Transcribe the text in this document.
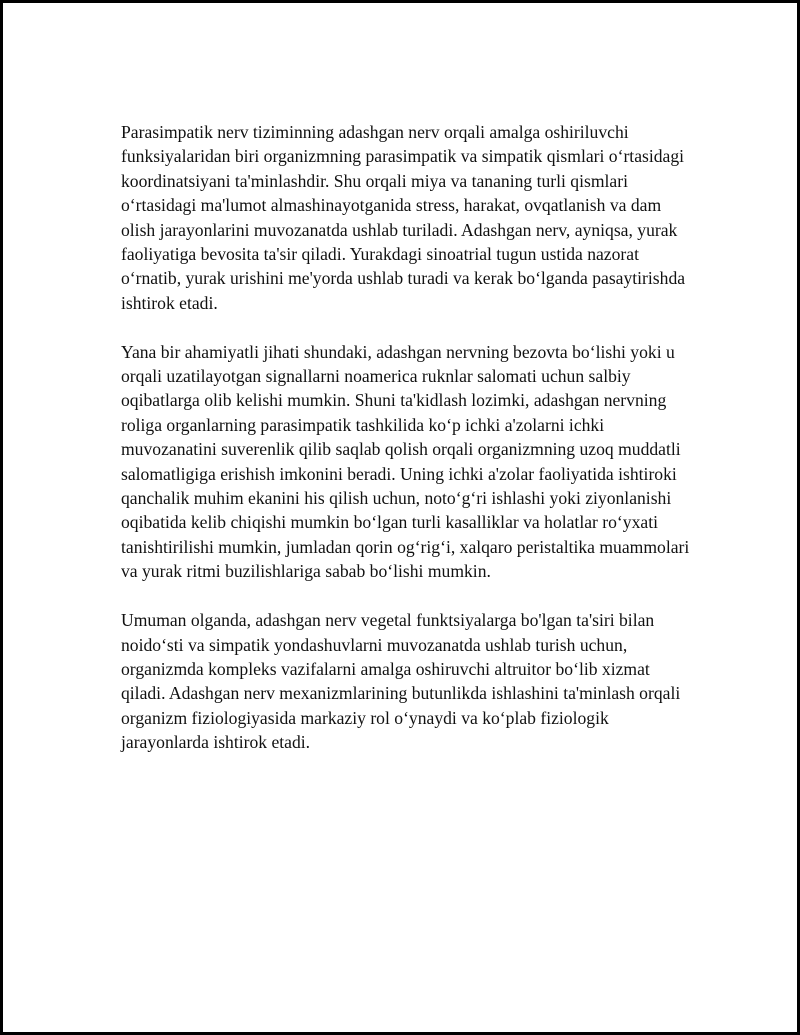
Parasimpatik nerv tiziminning adashgan nerv orqali amalga oshiriluvchi funksiyalaridan biri organizmning parasimpatik va simpatik qismlari oʻrtasidagi koordinatsiyani ta'minlashdir. Shu orqali miya va tananing turli qismlari oʻrtasidagi ma'lumot almashinayotganida stress, harakat, ovqatlanish va dam olish jarayonlarini muvozanatda ushlab turiladi. Adashgan nerv, ayniqsa, yurak faoliyatiga bevosita ta'sir qiladi. Yurakdagi sinoatrial tugun ustida nazorat oʻrnatib, yurak urishini me'yorda ushlab turadi va kerak boʻlganda pasaytirishda ishtirok etadi.

Yana bir ahamiyatli jihati shundaki, adashgan nervning bezovta boʻlishi yoki u orqali uzatilayotgan signallarni noamerica ruknlar salomati uchun salbiy oqibatlarga olib kelishi mumkin. Shuni ta'kidlash lozimki, adashgan nervning roliga organlarning parasimpatik tashkilida koʻp ichki a'zolarni ichki muvozanatini suverenlik qilib saqlab qolish orqali organizmning uzoq muddatli salomatligiga erishish imkonini beradi. Uning ichki a'zolar faoliyatida ishtiroki qanchalik muhim ekanini his qilish uchun, notoʻgʻri ishlashi yoki ziyonlanishi oqibatida kelib chiqishi mumkin boʻlgan turli kasalliklar va holatlar roʻyxati tanishtirilishi mumkin, jumladan qorin ogʻrigʻi, xalqaro peristaltika muammolari va yurak ritmi buzilishlariga sabab boʻlishi mumkin.

Umuman olganda, adashgan nerv vegetal funktsiyalarga bo'lgan ta'siri bilan noidoʻsti va simpatik yondashuvlarni muvozanatda ushlab turish uchun, organizmda kompleks vazifalarni amalga oshiruvchi altruitor boʻlib xizmat qiladi. Adashgan nerv mexanizmlarining butunlikda ishlashini ta'minlash orqali organizm fiziologiyasida markaziy rol oʻynaydi va koʻplab fiziologik jarayonlarda ishtirok etadi.
